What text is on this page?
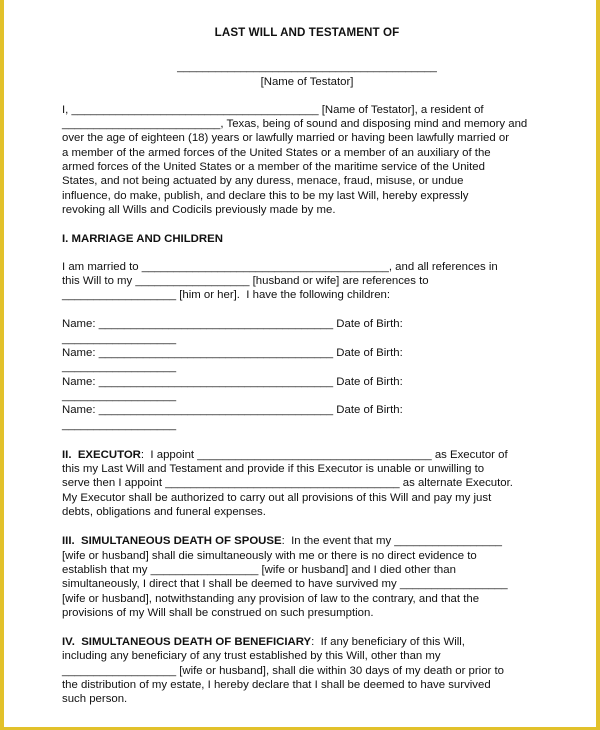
LAST WILL AND TESTAMENT OF
_________________________________________
[Name of Testator]

I, _______________________________________ [Name of Testator], a resident of

_________________________, Texas, being of sound and disposing mind and memory and

over the age of eighteen (18) years or lawfully married or having been lawfully married or

a member of the armed forces of the United States or a member of an auxiliary of the

armed forces of the United States or a member of the maritime service of the United

States, and not being actuated by any duress, menace, fraud, misuse, or undue

influence, do make, publish, and declare this to be my last Will, hereby expressly

revoking all Wills and Codicils previously made by me.

I. MARRIAGE AND CHILDREN

I am married to _______________________________________, and all references in

this Will to my __________________ [husband or wife] are references to

__________________ [him or her].  I have the following children:

Name: _____________________________________ Date of Birth:

__________________

Name: _____________________________________ Date of Birth:

__________________

Name: _____________________________________ Date of Birth:

__________________

Name: _____________________________________ Date of Birth:

__________________

II.  EXECUTOR:  I appoint _____________________________________ as Executor of

this my Last Will and Testament and provide if this Executor is unable or unwilling to

serve then I appoint _____________________________________ as alternate Executor.

My Executor shall be authorized to carry out all provisions of this Will and pay my just

debts, obligations and funeral expenses.

III.  SIMULTANEOUS DEATH OF SPOUSE:  In the event that my _________________

[wife or husband] shall die simultaneously with me or there is no direct evidence to

establish that my _________________ [wife or husband] and I died other than

simultaneously, I direct that I shall be deemed to have survived my _________________

[wife or husband], notwithstanding any provision of law to the contrary, and that the

provisions of my Will shall be construed on such presumption.

IV.  SIMULTANEOUS DEATH OF BENEFICIARY:  If any beneficiary of this Will,

including any beneficiary of any trust established by this Will, other than my

__________________ [wife or husband], shall die within 30 days of my death or prior to

the distribution of my estate, I hereby declare that I shall be deemed to have survived

such person.
